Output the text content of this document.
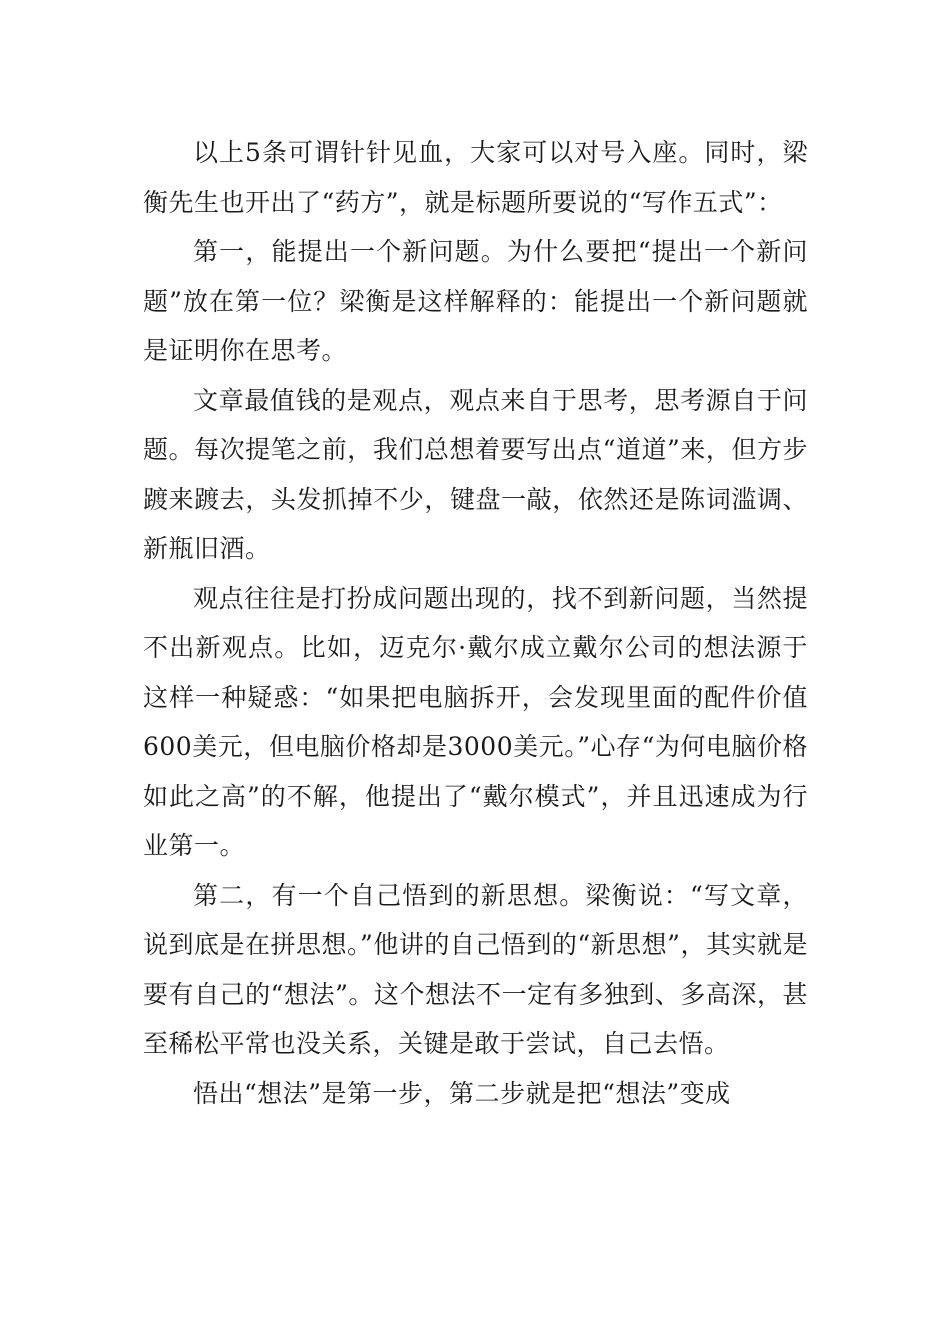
以上5条可谓针针见血，大家可以对号入座。同时，梁衡先生也开出了“药方”，就是标题所要说的“写作五式”：

第一，能提出一个新问题。为什么要把“提出一个新问题”放在第一位？梁衡是这样解释的：能提出一个新问题就是证明你在思考。

文章最值钱的是观点，观点来自于思考，思考源自于问题。每次提笔之前，我们总想着要写出点“道道”来，但方步踱来踱去，头发抓掉不少，键盘一敲，依然还是陈词滥调、新瓶旧酒。

观点往往是打扮成问题出现的，找不到新问题，当然提不出新观点。比如，迈克尔·戴尔成立戴尔公司的想法源于这样一种疑惑：“如果把电脑拆开，会发现里面的配件价值 600美元，但电脑价格却是3000美元。”心存“为何电脑价格如此之高”的不解，他提出了“戴尔模式”，并且迅速成为行业第一。

第二，有一个自己悟到的新思想。梁衡说：“写文章，说到底是在拼思想。”他讲的自己悟到的“新思想”，其实就是要有自己的“想法”。这个想法不一定有多独到、多高深，甚至稀松平常也没关系，关键是敢于尝试，自己去悟。

悟出“想法”是第一步，第二步就是把“想法”变成
